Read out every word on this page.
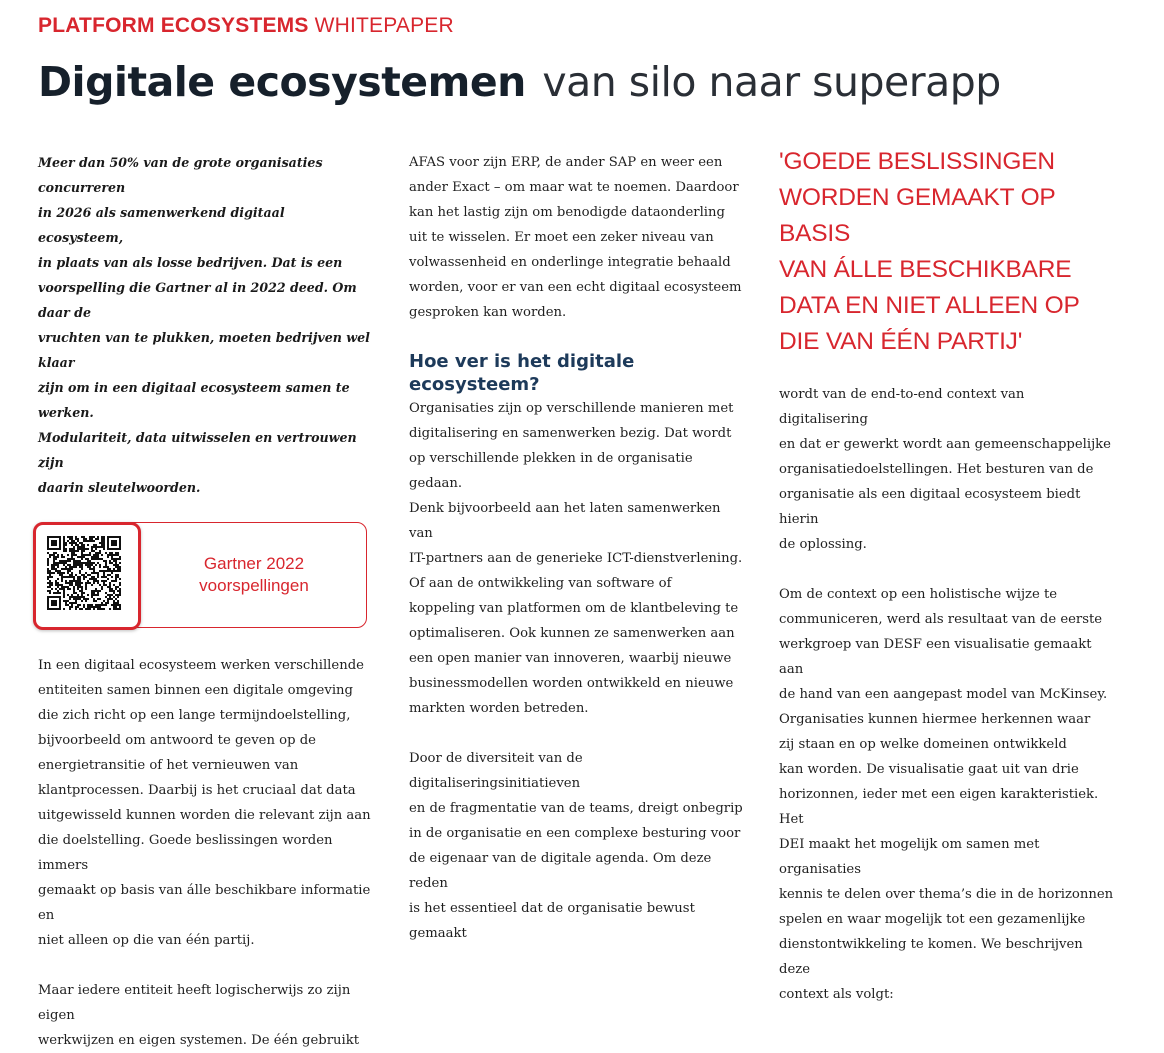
PLATFORM ECOSYSTEMS WHITEPAPER
Digitale ecosystemen van silo naar superapp

Meer dan 50% van de grote organisaties concurreren
in 2026 als samenwerkend digitaal ecosysteem,
in plaats van als losse bedrijven. Dat is een
voorspelling die Gartner al in 2022 deed. Om daar de
vruchten van te plukken, moeten bedrijven wel klaar
zijn om in een digitaal ecosysteem samen te werken.
Modulariteit, data uitwisselen en vertrouwen zijn
daarin sleutelwoorden.

Gartner 2022
voorspellingen

In een digitaal ecosysteem werken verschillende
entiteiten samen binnen een digitale omgeving
die zich richt op een lange termijndoelstelling,
bijvoorbeeld om antwoord te geven op de
energietransitie of het vernieuwen van
klantprocessen. Daarbij is het cruciaal dat data
uitgewisseld kunnen worden die relevant zijn aan
die doelstelling. Goede beslissingen worden immers
gemaakt op basis van álle beschikbare informatie en
niet alleen op die van één partij.

Maar iedere entiteit heeft logischerwijs zo zijn eigen
werkwijzen en eigen systemen. De één gebruikt

AFAS voor zijn ERP, de ander SAP en weer een
ander Exact – om maar wat te noemen. Daardoor
kan het lastig zijn om benodigde dataonderling
uit te wisselen. Er moet een zeker niveau van
volwassenheid en onderlinge integratie behaald
worden, voor er van een echt digitaal ecosysteem
gesproken kan worden.

Hoe ver is het digitale
ecosysteem?

Organisaties zijn op verschillende manieren met
digitalisering en samenwerken bezig. Dat wordt
op verschillende plekken in de organisatie gedaan.
Denk bijvoorbeeld aan het laten samenwerken van
IT-partners aan de generieke ICT-dienstverlening.
Of aan de ontwikkeling van software of
koppeling van platformen om de klantbeleving te
optimaliseren. Ook kunnen ze samenwerken aan
een open manier van innoveren, waarbij nieuwe
businessmodellen worden ontwikkeld en nieuwe
markten worden betreden.

Door de diversiteit van de digitaliseringsinitiatieven
en de fragmentatie van de teams, dreigt onbegrip
in de organisatie en een complexe besturing voor
de eigenaar van de digitale agenda. Om deze reden
is het essentieel dat de organisatie bewust gemaakt

'GOEDE BESLISSINGEN
WORDEN GEMAAKT OP BASIS
VAN ÁLLE BESCHIKBARE
DATA EN NIET ALLEEN OP
DIE VAN ÉÉN PARTIJ'

wordt van de end-to-end context van digitalisering
en dat er gewerkt wordt aan gemeenschappelijke
organisatiedoelstellingen. Het besturen van de
organisatie als een digitaal ecosysteem biedt hierin
de oplossing.

Om de context op een holistische wijze te
communiceren, werd als resultaat van de eerste
werkgroep van DESF een visualisatie gemaakt aan
de hand van een aangepast model van McKinsey.
Organisaties kunnen hiermee herkennen waar
zij staan en op welke domeinen ontwikkeld
kan worden. De visualisatie gaat uit van drie
horizonnen, ieder met een eigen karakteristiek. Het
DEI maakt het mogelijk om samen met organisaties
kennis te delen over thema’s die in de horizonnen
spelen en waar mogelijk tot een gezamenlijke
dienstontwikkeling te komen. We beschrijven deze
context als volgt:
